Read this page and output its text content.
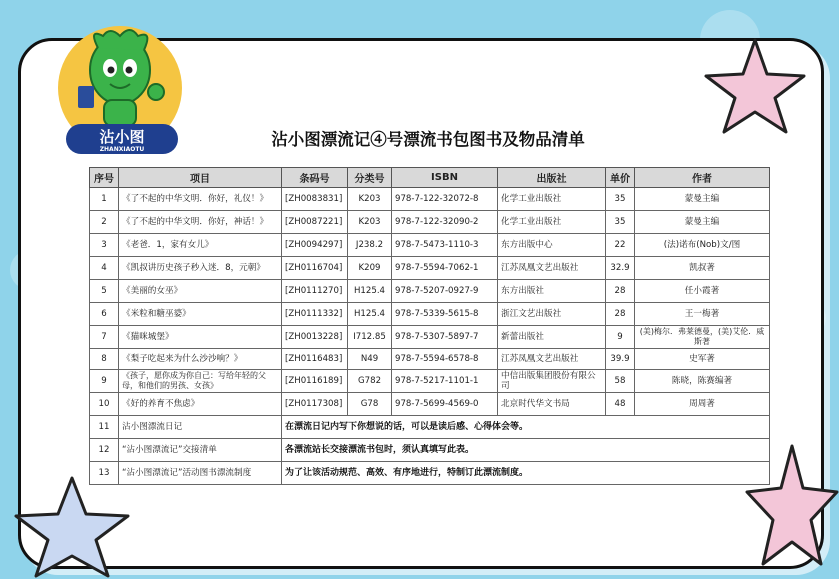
沾小图
ZHANXIAOTU
沾小图漂流记④号漂流书包图书及物品清单
序号	项目	条码号	分类号	ISBN	出版社	单价	作者
1	《了不起的中华文明．你好，礼仪！》	[ZH0083831]	K203	978-7-122-32072-8	化学工业出版社	35	蒙曼主编
2	《了不起的中华文明．你好，神话！》	[ZH0087221]	K203	978-7-122-32090-2	化学工业出版社	35	蒙曼主编
3	《老爸．1，家有女儿》	[ZH0094297]	J238.2	978-7-5473-1110-3	东方出版中心	22	(法)诺布(Nob)文/图
4	《凯叔讲历史孩子秒入迷．8，元朝》	[ZH0116704]	K209	978-7-5594-7062-1	江苏凤凰文艺出版社	32.9	凯叔著
5	《美丽的女巫》	[ZH0111270]	H125.4	978-7-5207-0927-9	东方出版社	28	任小霞著
6	《米粒和糖巫婆》	[ZH0111332]	H125.4	978-7-5339-5615-8	浙江文艺出版社	28	王一梅著
7	《猫咪城堡》	[ZH0013228]	I712.85	978-7-5307-5897-7	新蕾出版社	9	(美)梅尔．弗莱德曼，(美)艾伦．威斯著
8	《梨子吃起来为什么沙沙响？》	[ZH0116483]	N49	978-7-5594-6578-8	江苏凤凰文艺出版社	39.9	史军著
9	《孩子，愿你成为你自己：写给年轻的父母，和他们的男孩、女孩》	[ZH0116189]	G782	978-7-5217-1101-1	中信出版集团股份有限公司	58	陈晓，陈赛编著
10	《好的养育不焦虑》	[ZH0117308]	G78	978-7-5699-4569-0	北京时代华文书局	48	周周著
11	沾小图漂流日记	在漂流日记内写下你想说的话，可以是读后感、心得体会等。					
12	“沾小图漂流记”交接清单	各漂流站长交接漂流书包时，须认真填写此表。					
13	“沾小图漂流记”活动图书漂流制度	为了让该活动规范、高效、有序地进行，特制订此漂流制度。					
